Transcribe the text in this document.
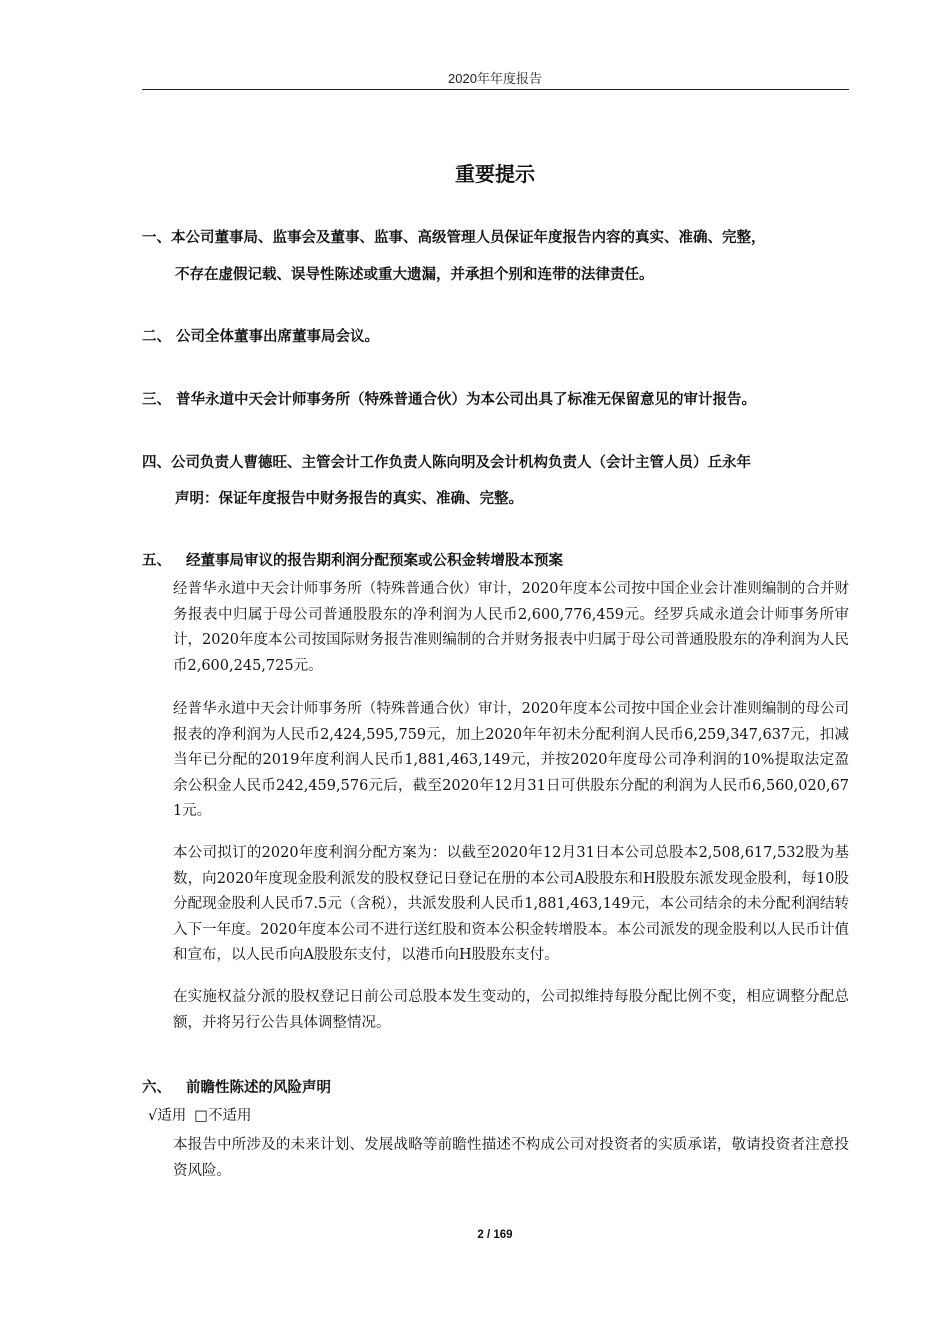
2020年年度报告
重要提示
一、本公司董事局、监事会及董事、监事、高级管理人员保证年度报告内容的真实、准确、完整，
不存在虚假记载、误导性陈述或重大遗漏，并承担个别和连带的法律责任。
二、 公司全体董事出席董事局会议。
三、 普华永道中天会计师事务所（特殊普通合伙）为本公司出具了标准无保留意见的审计报告。
四、公司负责人曹德旺、主管会计工作负责人陈向明及会计机构负责人（会计主管人员）丘永年
声明：保证年度报告中财务报告的真实、准确、完整。
五、 经董事局审议的报告期利润分配预案或公积金转增股本预案
经普华永道中天会计师事务所（特殊普通合伙）审计，2020年度本公司按中国企业会计准则编制的合并财务报表中归属于母公司普通股股东的净利润为人民币2,600,776,459元。经罗兵咸永道会计师事务所审计，2020年度本公司按国际财务报告准则编制的合并财务报表中归属于母公司普通股股东的净利润为人民币2,600,245,725元。
经普华永道中天会计师事务所（特殊普通合伙）审计，2020年度本公司按中国企业会计准则编制的母公司报表的净利润为人民币2,424,595,759元，加上2020年年初未分配利润人民币6,259,347,637元，扣减当年已分配的2019年度利润人民币1,881,463,149元，并按2020年度母公司净利润的10%提取法定盈余公积金人民币242,459,576元后，截至2020年12月31日可供股东分配的利润为人民币6,560,020,671元。
本公司拟订的2020年度利润分配方案为：以截至2020年12月31日本公司总股本2,508,617,532股为基数，向2020年度现金股利派发的股权登记日登记在册的本公司A股股东和H股股东派发现金股利，每10股分配现金股利人民币7.5元（含税），共派发股利人民币1,881,463,149元，本公司结余的未分配利润结转入下一年度。2020年度本公司不进行送红股和资本公积金转增股本。本公司派发的现金股利以人民币计值和宣布，以人民币向A股股东支付，以港币向H股股东支付。
在实施权益分派的股权登记日前公司总股本发生变动的，公司拟维持每股分配比例不变，相应调整分配总额，并将另行公告具体调整情况。
六、 前瞻性陈述的风险声明
√适用 □不适用
本报告中所涉及的未来计划、发展战略等前瞻性描述不构成公司对投资者的实质承诺，敬请投资者注意投资风险。
2 / 169
